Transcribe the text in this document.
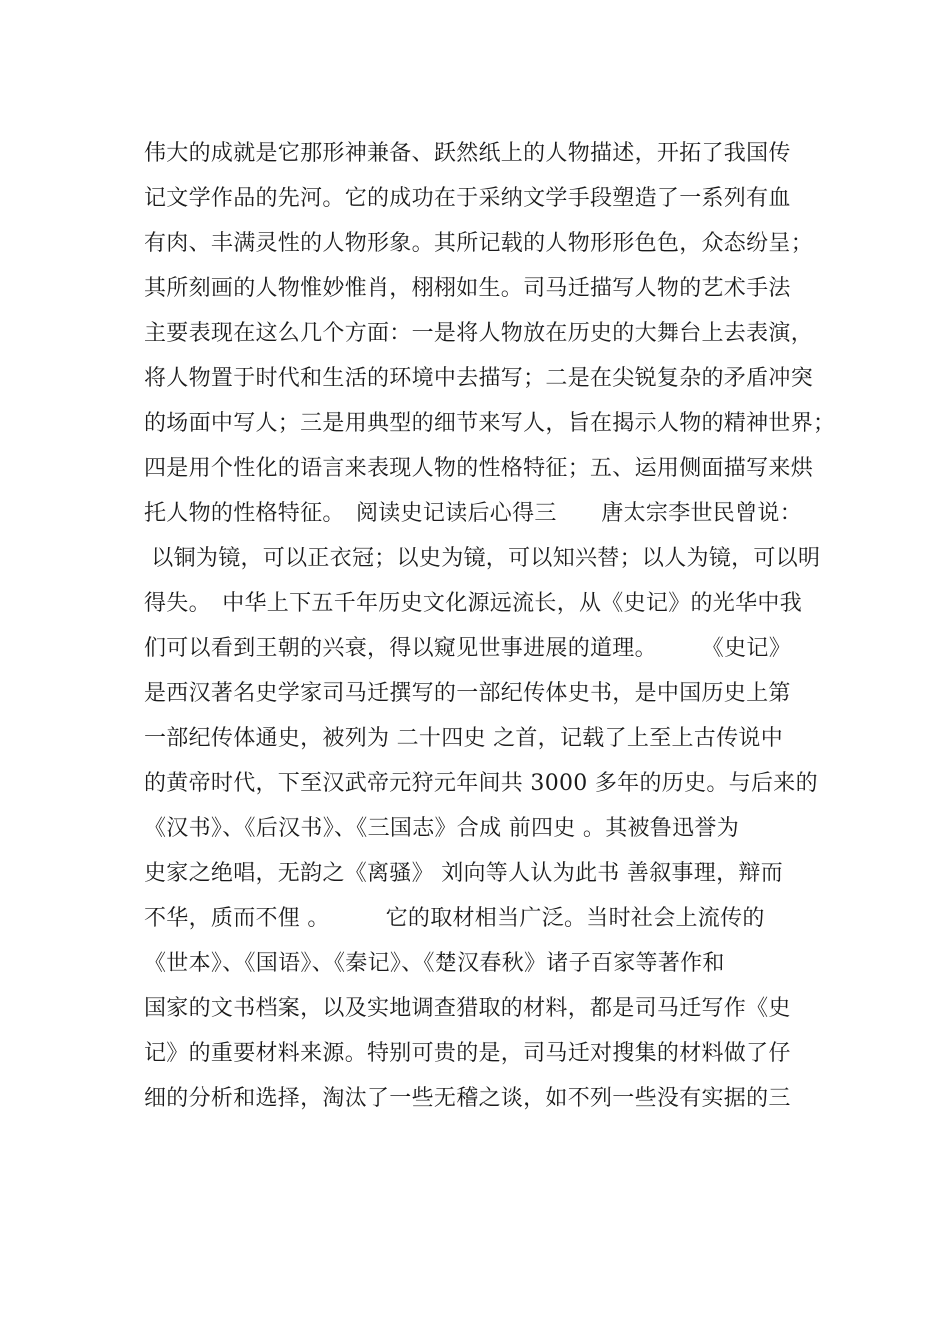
伟大的成就是它那形神兼备、跃然纸上的人物描述，开拓了我国传
记文学作品的先河。它的成功在于采纳文学手段塑造了一系列有血
有肉、丰满灵性的人物形象。其所记载的人物形形色色，众态纷呈；
其所刻画的人物惟妙惟肖，栩栩如生。司马迁描写人物的艺术手法
主要表现在这么几个方面：一是将人物放在历史的大舞台上去表演，
将人物置于时代和生活的环境中去描写；二是在尖锐复杂的矛盾冲突
的场面中写人；三是用典型的细节来写人，旨在揭示人物的精神世界；
四是用个性化的语言来表现人物的性格特征；五、运用侧面描写来烘
托人物的性格特征。　阅读史记读后心得三　　唐太宗李世民曾说：
以铜为镜，可以正衣冠；以史为镜，可以知兴替；以人为镜，可以明
得失。　中华上下五千年历史文化源远流长，从《史记》的光华中我
们可以看到王朝的兴衰，得以窥见世事进展的道理。　　　《史记》
是西汉著名史学家司马迁撰写的一部纪传体史书，是中国历史上第
一部纪传体通史，被列为 二十四史 之首，记载了上至上古传说中
的黄帝时代，下至汉武帝元狩元年间共 3000 多年的历史。与后来的
《汉书》、《后汉书》、《三国志》合成 前四史 。其被鲁迅誉为
史家之绝唱，无韵之《离骚》 刘向等人认为此书 善叙事理，辩而
不华，质而不俚 。　　　它的取材相当广泛。当时社会上流传的
《世本》、《国语》、《秦记》、《楚汉春秋》诸子百家等著作和
国家的文书档案，以及实地调查猎取的材料，都是司马迁写作《史
记》的重要材料来源。特别可贵的是，司马迁对搜集的材料做了仔
细的分析和选择，淘汰了一些无稽之谈，如不列一些没有实据的三
